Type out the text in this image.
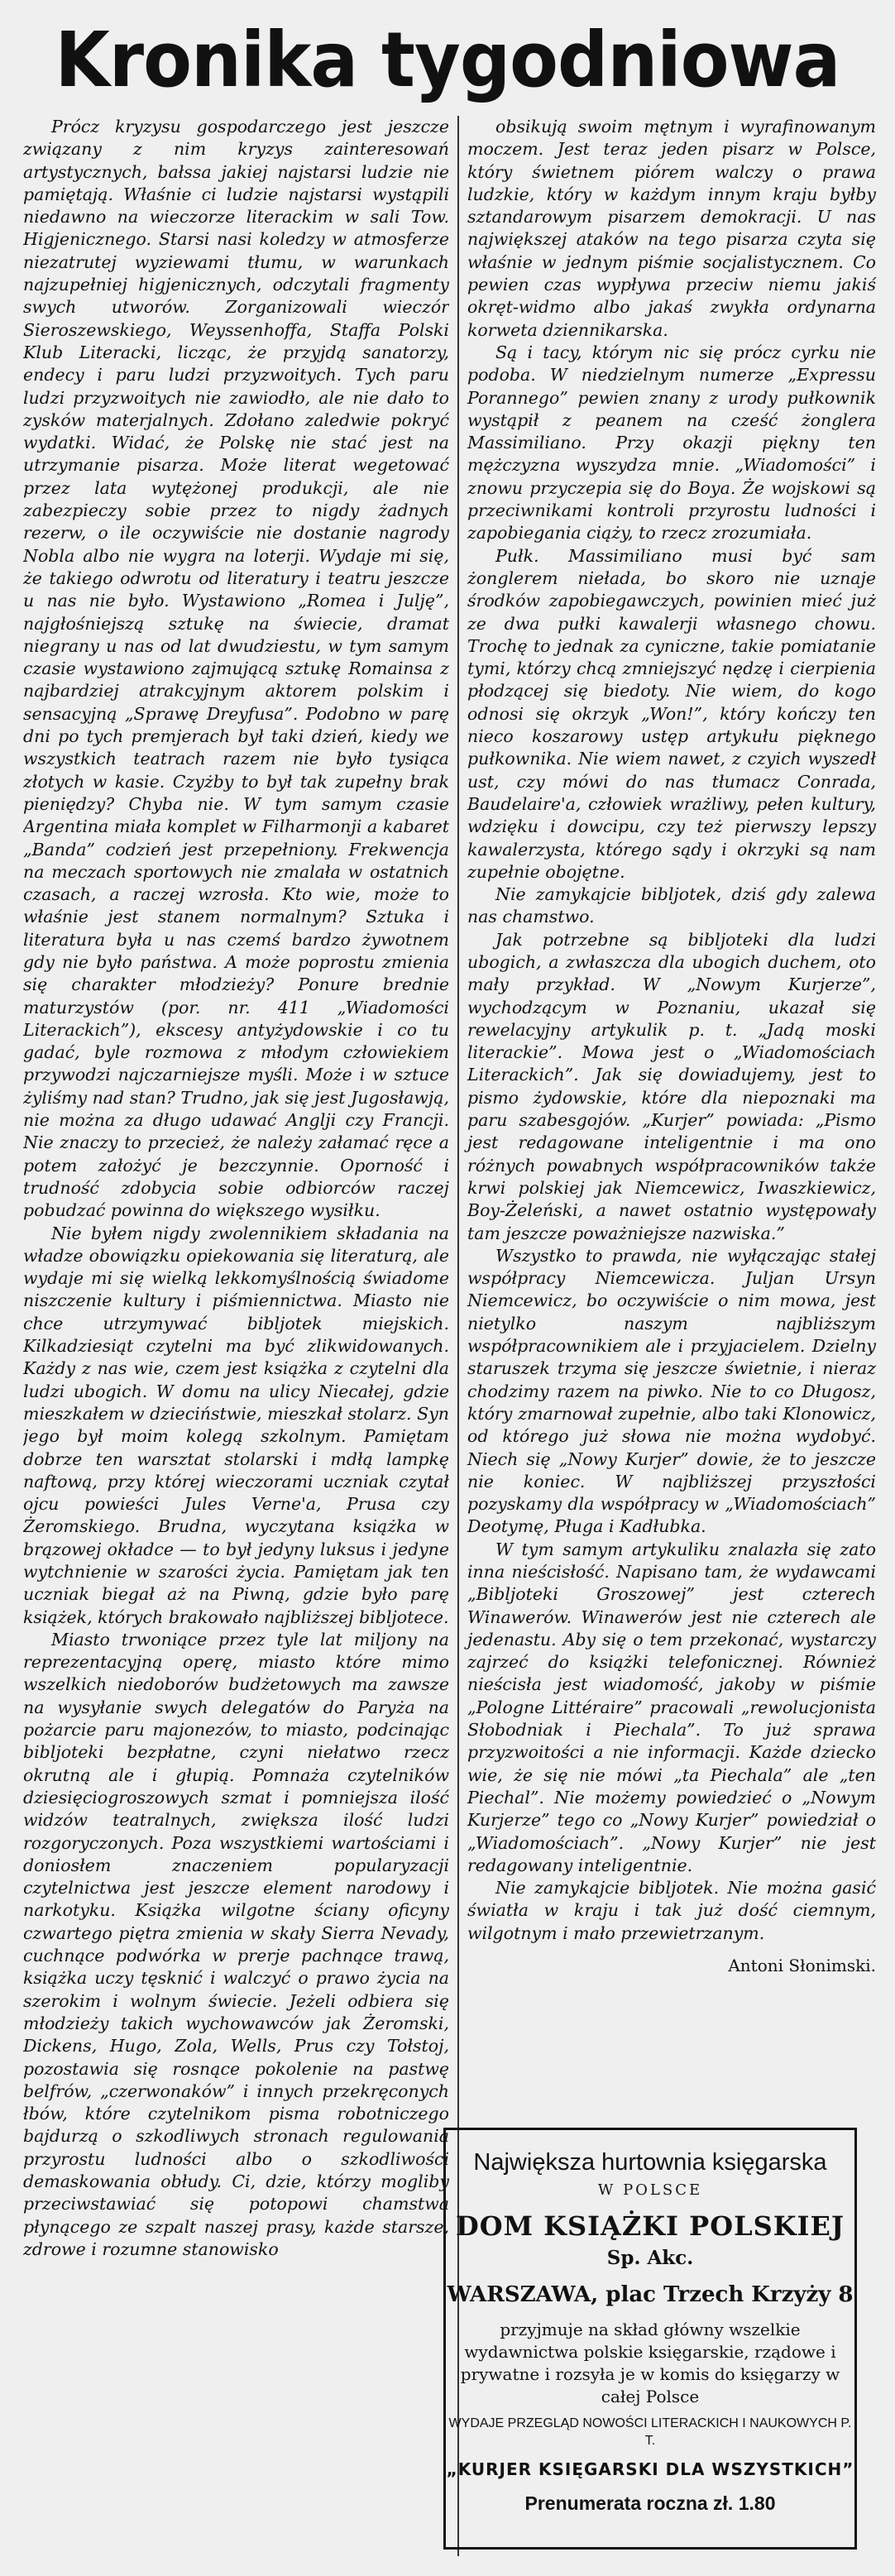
Kronika tygodniowa

Prócz kryzysu gospodarczego jest jeszcze związany z nim kryzys zainteresowań artystycznych, bałssa jakiej najstarsi ludzie nie pamiętają. Właśnie ci ludzie najstarsi wystąpili niedawno na wieczorze literackim w sali Tow. Higjenicznego. Starsi nasi koledzy w atmosferze niezatrutej wyziewami tłumu, w warunkach najzupełniej higjenicznych, odczytali fragmenty swych utworów. Zorganizowali wieczór Sieroszewskiego, Weyssenhoffa, Staffa Polski Klub Literacki, licząc, że przyjdą sanatorzy, endecy i paru ludzi przyzwoitych. Tych paru ludzi przyzwoitych nie zawiodło, ale nie dało to zysków materjalnych. Zdołano zaledwie pokryć wydatki. Widać, że Polskę nie stać jest na utrzymanie pisarza. Może literat wegetować przez lata wytężonej produkcji, ale nie zabezpieczy sobie przez to nigdy żadnych rezerw, o ile oczywiście nie dostanie nagrody Nobla albo nie wygra na loterji. Wydaje mi się, że takiego odwrotu od literatury i teatru jeszcze u nas nie było. Wystawiono „Romea i Julję”, najgłośniejszą sztukę na świecie, dramat niegrany u nas od lat dwudziestu, w tym samym czasie wystawiono zajmującą sztukę Romainsa z najbardziej atrakcyjnym aktorem polskim i sensacyjną „Sprawę Dreyfusa”. Podobno w parę dni po tych premjerach był taki dzień, kiedy we wszystkich teatrach razem nie było tysiąca złotych w kasie. Czyżby to był tak zupełny brak pieniędzy? Chyba nie. W tym samym czasie Argentina miała komplet w Filharmonji a kabaret „Banda” codzień jest przepełniony. Frekwencja na meczach sportowych nie zmalała w ostatnich czasach, a raczej wzrosła. Kto wie, może to właśnie jest stanem normalnym? Sztuka i literatura była u nas czemś bardzo żywotnem gdy nie było państwa. A może poprostu zmienia się charakter młodzieży? Ponure brednie maturzystów (por. nr. 411 „Wiadomości Literackich”), ekscesy antyżydowskie i co tu gadać, byle rozmowa z młodym człowiekiem przywodzi najczarniejsze myśli. Może i w sztuce żyliśmy nad stan? Trudno, jak się jest Jugosławją, nie można za długo udawać Anglji czy Francji. Nie znaczy to przecież, że należy załamać ręce a potem założyć je bezczynnie. Oporność i trudność zdobycia sobie odbiorców raczej pobudzać powinna do większego wysiłku.

Nie byłem nigdy zwolennikiem składania na władze obowiązku opiekowania się literaturą, ale wydaje mi się wielką lekkomyślnością świadome niszczenie kultury i piśmiennictwa. Miasto nie chce utrzymywać bibljotek miejskich. Kilkadziesiąt czytelni ma być zlikwidowanych. Każdy z nas wie, czem jest książka z czytelni dla ludzi ubogich. W domu na ulicy Niecałej, gdzie mieszkałem w dzieciństwie, mieszkał stolarz. Syn jego był moim kolegą szkolnym. Pamiętam dobrze ten warsztat stolarski i mdłą lampkę naftową, przy której wieczorami uczniak czytał ojcu powieści Jules Verne'a, Prusa czy Żeromskiego. Brudna, wyczytana książka w brązowej okładce — to był jedyny luksus i jedyne wytchnienie w szarości życia. Pamiętam jak ten uczniak biegał aż na Piwną, gdzie było parę książek, których brakowało najbliższej bibljotece.

Miasto trwoniące przez tyle lat miljony na reprezentacyjną operę, miasto które mimo wszelkich niedoborów budżetowych ma zawsze na wysyłanie swych delegatów do Paryża na pożarcie paru majonezów, to miasto, podcinając bibljoteki bezpłatne, czyni niełatwo rzecz okrutną ale i głupią. Pomnaża czytelników dziesięciogroszowych szmat i pomniejsza ilość widzów teatralnych, zwiększa ilość ludzi rozgoryczonych. Poza wszystkiemi wartościami i doniosłem znaczeniem popularyzacji czytelnictwa jest jeszcze element narodowy i narkotyku. Książka wilgotne ściany oficyny czwartego piętra zmienia w skały Sierra Nevady, cuchnące podwórka w prerje pachnące trawą, książka uczy tęsknić i walczyć o prawo życia na szerokim i wolnym świecie. Jeżeli odbiera się młodzieży takich wychowawców jak Żeromski, Dickens, Hugo, Zola, Wells, Prus czy Tołstoj, pozostawia się rosnące pokolenie na pastwę belfrów, „czerwonaków” i innych przekręconych łbów, które czytelnikom pisma robotniczego bajdurzą o szkodliwych stronach regulowania przyrostu ludności albo o szkodliwości demaskowania obłudy. Ci, dzie, którzy mogliby przeciwstawiać się potopowi chamstwa płynącego ze szpalt naszej prasy, każde starsze, zdrowe i rozumne stanowisko

obsikują swoim mętnym i wyrafinowanym moczem. Jest teraz jeden pisarz w Polsce, który świetnem piórem walczy o prawa ludzkie, który w każdym innym kraju byłby sztandarowym pisarzem demokracji. U nas największej ataków na tego pisarza czyta się właśnie w jednym piśmie socjalistycznem. Co pewien czas wypływa przeciw niemu jakiś okręt-widmo albo jakaś zwykła ordynarna korweta dziennikarska.

Są i tacy, którym nic się prócz cyrku nie podoba. W niedzielnym numerze „Expressu Porannego” pewien znany z urody pułkownik wystąpił z peanem na cześć żonglera Massimiliano. Przy okazji piękny ten mężczyzna wyszydza mnie. „Wiadomości” i znowu przyczepia się do Boya. Że wojskowi są przeciwnikami kontroli przyrostu ludności i zapobiegania ciąży, to rzecz zrozumiała.

Pułk. Massimiliano musi być sam żonglerem niełada, bo skoro nie uznaje środków zapobiegawczych, powinien mieć już ze dwa pułki kawalerji własnego chowu. Trochę to jednak za cyniczne, takie pomiatanie tymi, którzy chcą zmniejszyć nędzę i cierpienia płodzącej się biedoty. Nie wiem, do kogo odnosi się okrzyk „Won!”, który kończy ten nieco koszarowy ustęp artykułu pięknego pułkownika. Nie wiem nawet, z czyich wyszedł ust, czy mówi do nas tłumacz Conrada, Baudelaire'a, człowiek wrażliwy, pełen kultury, wdzięku i dowcipu, czy też pierwszy lepszy kawalerzysta, którego sądy i okrzyki są nam zupełnie obojętne.

Nie zamykajcie bibljotek, dziś gdy zalewa nas chamstwo.

Jak potrzebne są bibljoteki dla ludzi ubogich, a zwłaszcza dla ubogich duchem, oto mały przykład. W „Nowym Kurjerze”, wychodzącym w Poznaniu, ukazał się rewelacyjny artykulik p. t. „Jadą moski literackie”. Mowa jest o „Wiadomościach Literackich”. Jak się dowiadujemy, jest to pismo żydowskie, które dla niepoznaki ma paru szabesgojów. „Kurjer” powiada: „Pismo jest redagowane inteligentnie i ma ono różnych powabnych współpracowników także krwi polskiej jak Niemcewicz, Iwaszkiewicz, Boy-Żeleński, a nawet ostatnio występowały tam jeszcze poważniejsze nazwiska.”

Wszystko to prawda, nie wyłączając stałej współpracy Niemcewicza. Juljan Ursyn Niemcewicz, bo oczywiście o nim mowa, jest nietylko naszym najbliższym współpracownikiem ale i przyjacielem. Dzielny staruszek trzyma się jeszcze świetnie, i nieraz chodzimy razem na piwko. Nie to co Długosz, który zmarnował zupełnie, albo taki Klonowicz, od którego już słowa nie można wydobyć. Niech się „Nowy Kurjer” dowie, że to jeszcze nie koniec. W najbliższej przyszłości pozyskamy dla współpracy w „Wiadomościach” Deotymę, Pługa i Kadłubka.

W tym samym artykuliku znalazła się zato inna nieścisłość. Napisano tam, że wydawcami „Bibljoteki Groszowej” jest czterech Winawerów. Winawerów jest nie czterech ale jedenastu. Aby się o tem przekonać, wystarczy zajrzeć do książki telefonicznej. Również nieścisła jest wiadomość, jakoby w piśmie „Pologne Littéraire” pracowali „rewolucjonista Słobodniak i Piechala”. To już sprawa przyzwoitości a nie informacji. Każde dziecko wie, że się nie mówi „ta Piechala” ale „ten Piechal”. Nie możemy powiedzieć o „Nowym Kurjerze” tego co „Nowy Kurjer” powiedział o „Wiadomościach”. „Nowy Kurjer” nie jest redagowany inteligentnie.

Nie zamykajcie bibljotek. Nie można gasić światła w kraju i tak już dość ciemnym, wilgotnym i mało przewietrzanym.

Antoni Słonimski.
Największa hurtownia księgarska
W POLSCE
DOM KSIĄŻKI POLSKIEJ
Sp. Akc.
WARSZAWA, plac Trzech Krzyży 8
przyjmuje na skład główny wszelkie wydawnictwa polskie księgarskie, rządowe i prywatne i rozsyła je w komis do księgarzy w całej Polsce
WYDAJE PRZEGLĄD NOWOŚCI LITERACKICH I NAUKOWYCH P. T.
„KURJER KSIĘGARSKI DLA WSZYSTKICH”
Prenumerata roczna zł. 1.80
